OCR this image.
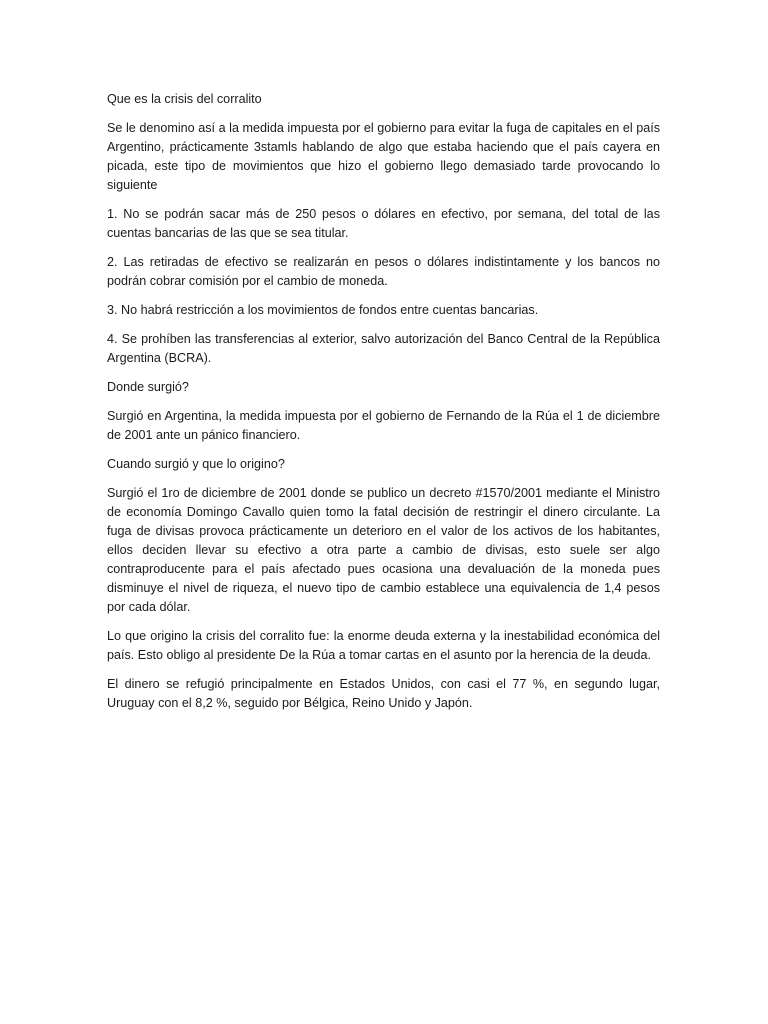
Que es la crisis del corralito

Se le denomino así a la medida impuesta por el gobierno para evitar la fuga de capitales en el país Argentino, prácticamente 3stamls hablando de algo que estaba haciendo que el país cayera en picada, este tipo de movimientos que hizo el gobierno llego demasiado tarde provocando lo siguiente

1. No se podrán sacar más de 250 pesos o dólares en efectivo, por semana, del total de las cuentas bancarias de las que se sea titular.

2. Las retiradas de efectivo se realizarán en pesos o dólares indistintamente y los bancos no podrán cobrar comisión por el cambio de moneda.

3. No habrá restricción a los movimientos de fondos entre cuentas bancarias.

4. Se prohíben las transferencias al exterior, salvo autorización del Banco Central de la República Argentina (BCRA).

Donde surgió?

Surgió en Argentina, la medida impuesta por el gobierno de Fernando de la Rúa el 1 de diciembre de 2001 ante un pánico financiero.

Cuando surgió y que lo origino?

Surgió el 1ro de diciembre de 2001 donde se publico un decreto #1570/2001 mediante el Ministro de economía Domingo Cavallo quien tomo la fatal decisión de restringir el dinero circulante. La fuga de divisas provoca prácticamente un deterioro en el valor de los activos de los habitantes, ellos deciden llevar su efectivo a otra parte a cambio de divisas, esto suele ser algo contraproducente para el país afectado pues ocasiona una devaluación de la moneda pues disminuye el nivel de riqueza, el nuevo tipo de cambio establece una equivalencia de 1,4 pesos por cada dólar.

Lo que origino la crisis del corralito fue: la enorme deuda externa y la inestabilidad económica del país. Esto obligo al presidente De la Rúa a tomar cartas en el asunto por la herencia de la deuda.

El dinero se refugió principalmente en Estados Unidos, con casi el 77 %, en segundo lugar, Uruguay con el 8,2 %, seguido por Bélgica, Reino Unido y Japón.
